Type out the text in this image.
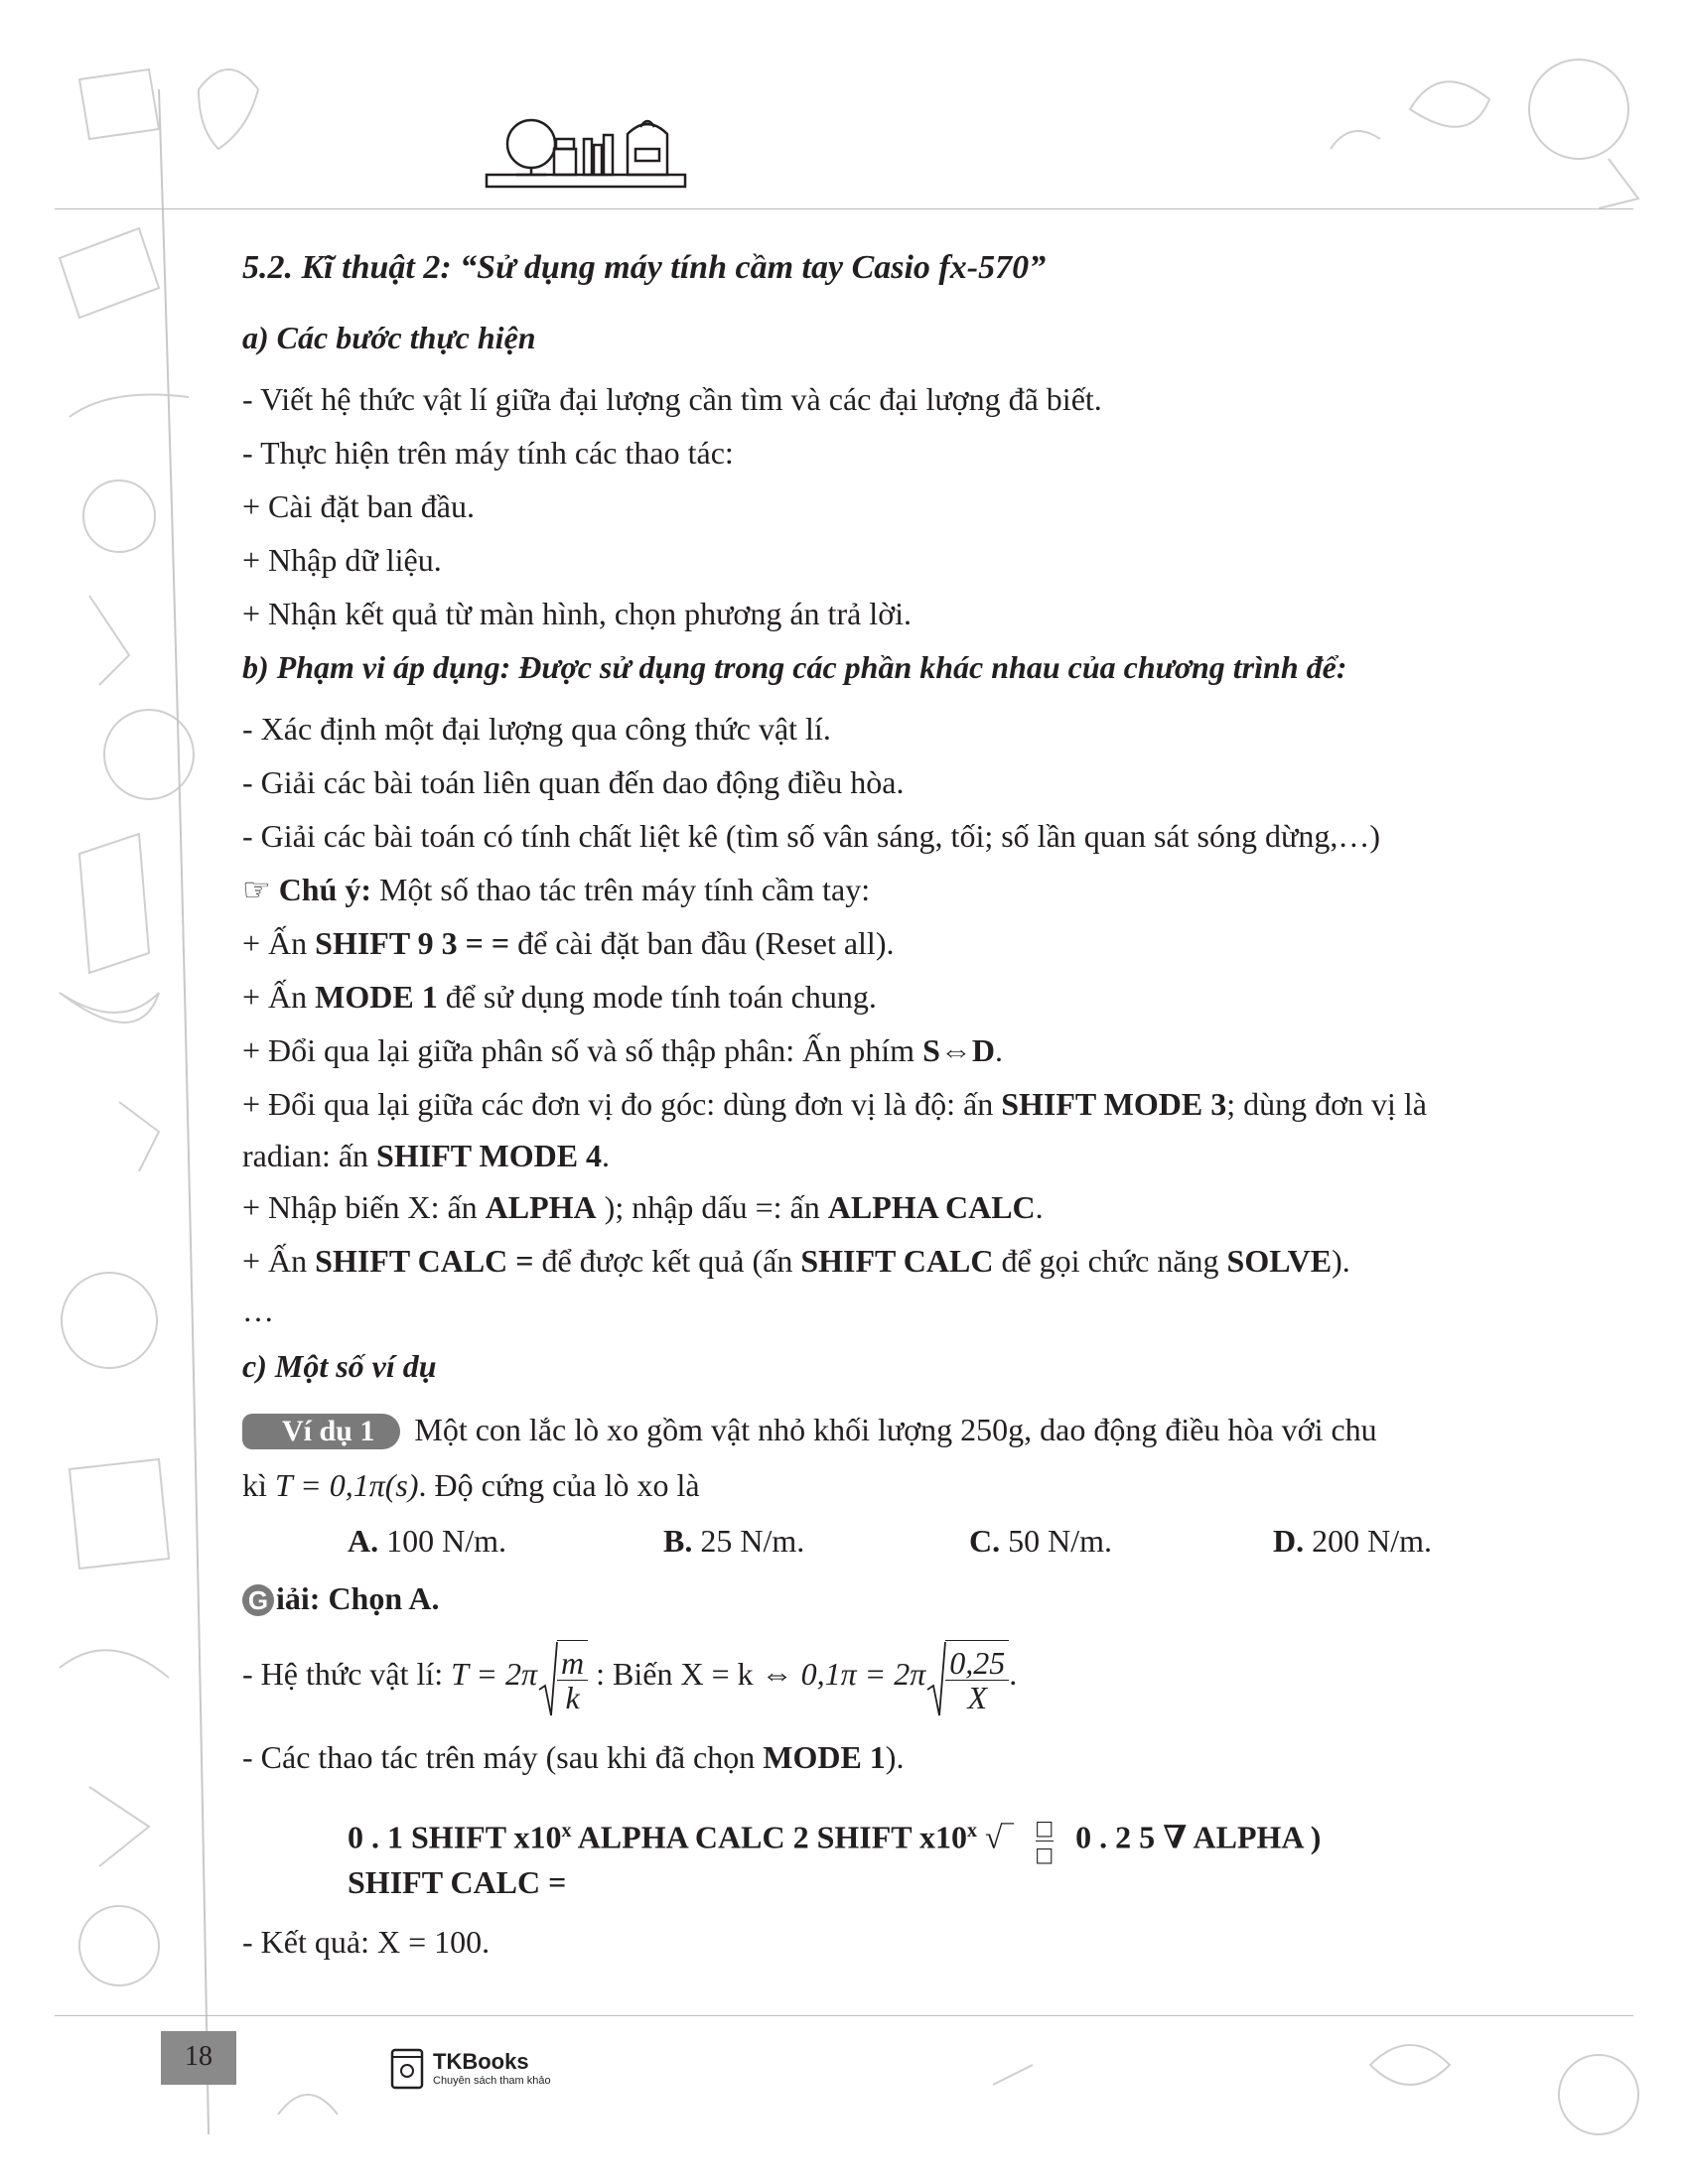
5.2. Kĩ thuật 2: “Sử dụng máy tính cầm tay Casio fx-570”
a) Các bước thực hiện
- Viết hệ thức vật lí giữa đại lượng cần tìm và các đại lượng đã biết.
- Thực hiện trên máy tính các thao tác:
+ Cài đặt ban đầu.
+ Nhập dữ liệu.
+ Nhận kết quả từ màn hình, chọn phương án trả lời.
b) Phạm vi áp dụng: Được sử dụng trong các phần khác nhau của chương trình để:
- Xác định một đại lượng qua công thức vật lí.
- Giải các bài toán liên quan đến dao động điều hòa.
- Giải các bài toán có tính chất liệt kê (tìm số vân sáng, tối; số lần quan sát sóng dừng,…)
☞ Chú ý: Một số thao tác trên máy tính cầm tay:
+ Ấn SHIFT 9 3 = = để cài đặt ban đầu (Reset all).
+ Ấn MODE 1 để sử dụng mode tính toán chung.
+ Đổi qua lại giữa phân số và số thập phân: Ấn phím S⇔D.
+ Đổi qua lại giữa các đơn vị đo góc: dùng đơn vị là độ: ấn SHIFT MODE 3; dùng đơn vị là radian: ấn SHIFT MODE 4.
+ Nhập biến X: ấn ALPHA ); nhập dấu =: ấn ALPHA CALC.
+ Ấn SHIFT CALC = để được kết quả (ấn SHIFT CALC để gọi chức năng SOLVE).
…
c) Một số ví dụ
Ví dụ 1 Một con lắc lò xo gồm vật nhỏ khối lượng 250g, dao động điều hòa với chu
kì T = 0,1π(s). Độ cứng của lò xo là
A. 100 N/m.	B. 25 N/m.	C. 50 N/m.	D. 200 N/m.
G iải: Chọn A.
- Hệ thức vật lí: $T = 2\pi \frac{m}{k}$ : Biến X = k ⇔ $0,1\pi = 2\pi \frac{0,25}{X}$ .
- Các thao tác trên máy (sau khi đã chọn MODE 1).
0 . 1 SHIFT x10$^x$ ALPHA CALC 2 SHIFT x10$^x$ √‾ □
□ 0 . 2 5 ∇ ALPHA )
SHIFT CALC =
- Kết quả: X = 100.
18	TKBooks
Chuyên sách tham khảo
